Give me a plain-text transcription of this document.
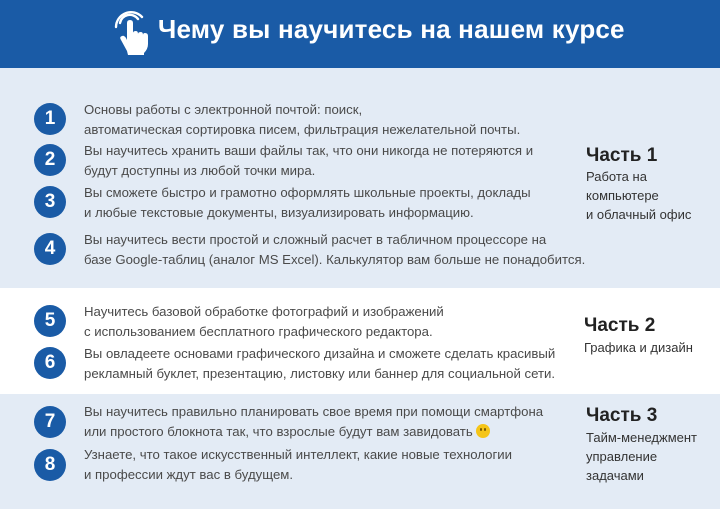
Чему вы научитесь на нашем курсе
1	Основы работы с электронной почтой: поиск,
автоматическая сортировка писем, фильтрация нежелательной почты.
2	Вы научитесь хранить ваши файлы так, что они никогда не потеряются и
будут доступны из любой точки мира.
3	Вы сможете быстро и грамотно оформлять школьные проекты, доклады
и любые текстовые документы, визуализировать информацию.
4	Вы научитесь вести простой и сложный расчет в табличном процессоре на
базе Google-таблиц (аналог MS Excel). Калькулятор вам больше не понадобится.
Часть 1
Работа на
компьютере
и облачный офис
5	Научитесь базовой обработке фотографий и изображений
с использованием бесплатного графического редактора.
6	Вы овладеете основами графического дизайна и сможете сделать красивый
рекламный буклет, презентацию, листовку или баннер для социальной сети.
Часть 2
Графика и дизайн
7	Вы научитесь правильно планировать свое время при помощи смартфона
или простого блокнота так, что взрослые будут вам завидовать
8	Узнаете, что такое искусственный интеллект, какие новые технологии
и профессии ждут вас в будущем.
Часть 3
Тайм-менеджмент
управление
задачами
